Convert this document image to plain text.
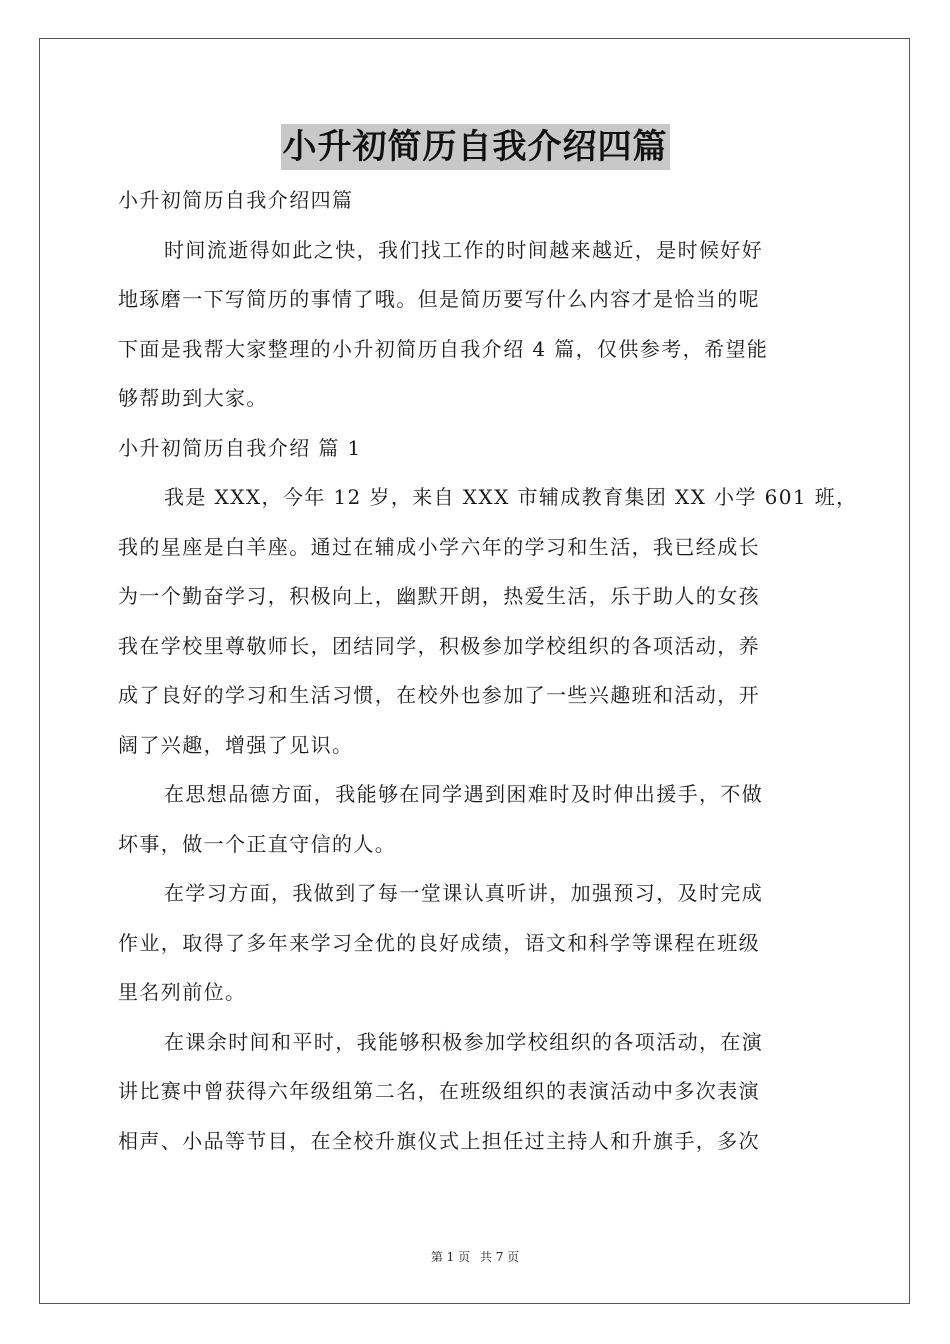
小升初简历自我介绍四篇
小升初简历自我介绍四篇
时间流逝得如此之快，我们找工作的时间越来越近，是时候好好
地琢磨一下写简历的事情了哦。但是简历要写什么内容才是恰当的呢
下面是我帮大家整理的小升初简历自我介绍 4 篇，仅供参考，希望能
够帮助到大家。
小升初简历自我介绍 篇 1
我是 XXX，今年 12 岁，来自 XXX 市辅成教育集团 XX 小学 601 班，
我的星座是白羊座。通过在辅成小学六年的学习和生活，我已经成长
为一个勤奋学习，积极向上，幽默开朗，热爱生活，乐于助人的女孩
我在学校里尊敬师长，团结同学，积极参加学校组织的各项活动，养
成了良好的学习和生活习惯，在校外也参加了一些兴趣班和活动，开
阔了兴趣，增强了见识。
在思想品德方面，我能够在同学遇到困难时及时伸出援手，不做
坏事，做一个正直守信的人。
在学习方面，我做到了每一堂课认真听讲，加强预习，及时完成
作业，取得了多年来学习全优的良好成绩，语文和科学等课程在班级
里名列前位。
在课余时间和平时，我能够积极参加学校组织的各项活动，在演
讲比赛中曾获得六年级组第二名，在班级组织的表演活动中多次表演
相声、小品等节目，在全校升旗仪式上担任过主持人和升旗手，多次
第 1 页 共 7 页
